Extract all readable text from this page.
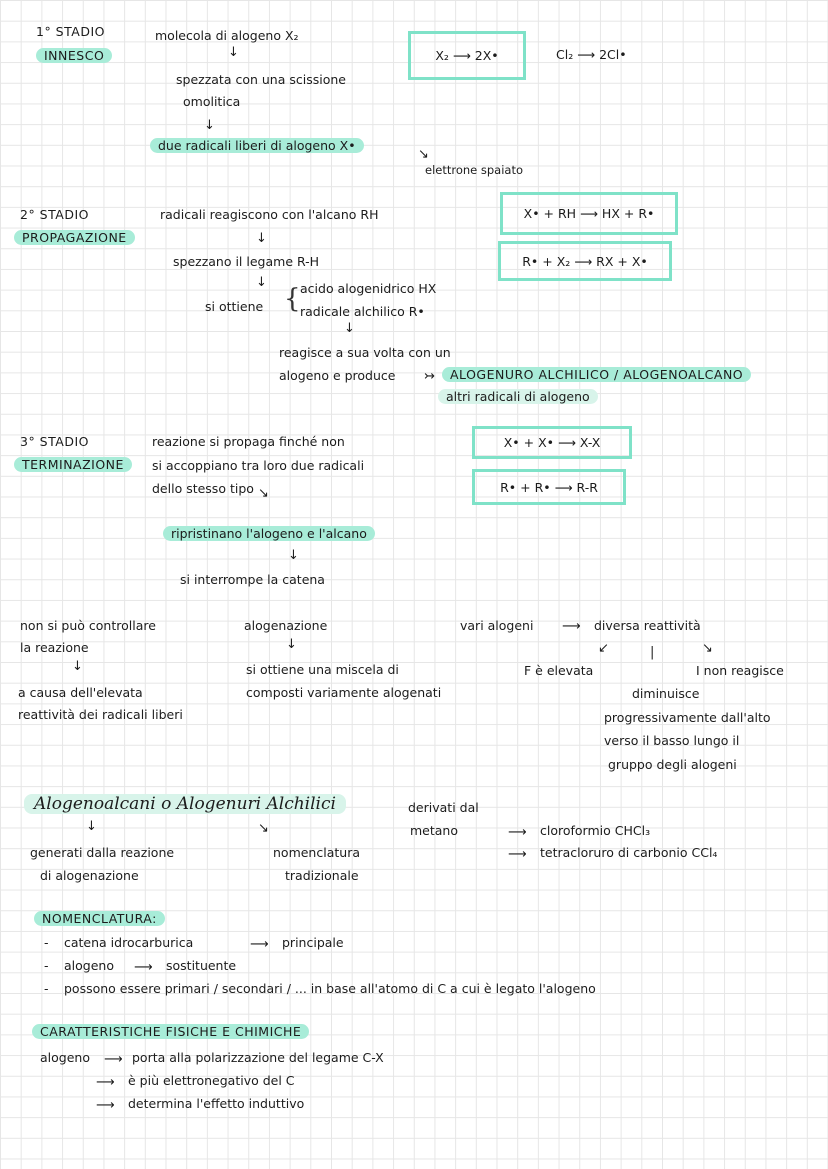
1° STADIO
INNESCO
molecola di alogeno X₂
↓
spezzata con una scissione
omolitica
↓
due radicali liberi di alogeno X•
↘
elettrone spaiato
X₂ ⟶ 2X•	Cl₂ ⟶ 2Cl•
2° STADIO
PROPAGAZIONE
radicali reagiscono con l'alcano RH
↓
spezzano il legame R-H
↓
si ottiene { acido alogenidrico HX
radicale alchilico R•
↓
reagisce a sua volta con un
alogeno e produce ↣	ALOGENURO ALCHILICO / ALOGENOALCANO
altri radicali di alogeno
X• + RH ⟶ HX + R•
R• + X₂ ⟶ RX + X•
3° STADIO
TERMINAZIONE
reazione si propaga finché non
si accoppiano tra loro due radicali
dello stesso tipo ↘
ripristinano l'alogeno e l'alcano
↓
si interrompe la catena
X• + X• ⟶ X-X
R• + R• ⟶ R-R
non si può controllare
la reazione
↓
a causa dell'elevata
reattività dei radicali liberi
alogenazione
↓
si ottiene una miscela di
composti variamente alogenati
vari alogeni ⟶ diversa reattività
↙	|	↘
F è elevata	I non reagisce
diminuisce
progressivamente dall'alto
verso il basso lungo il
gruppo degli alogeni
Alogenoalcani o Alogenuri Alchilici	derivati dal
metano	⟶ cloroformio CHCl₃
⟶ tetracloruro di carbonio CCl₄
↓
generati dalla reazione
di alogenazione
↘
nomenclatura
tradizionale
NOMENCLATURA:
- catena idrocarburica	⟶ principale
- alogeno ⟶ sostituente
- possono essere primari / secondari / ... in base all'atomo di C a cui è legato l'alogeno
CARATTERISTICHE FISICHE E CHIMICHE
alogeno ⟶ porta alla polarizzazione del legame C-X
⟶ è più elettronegativo del C
⟶ determina l'effetto induttivo
